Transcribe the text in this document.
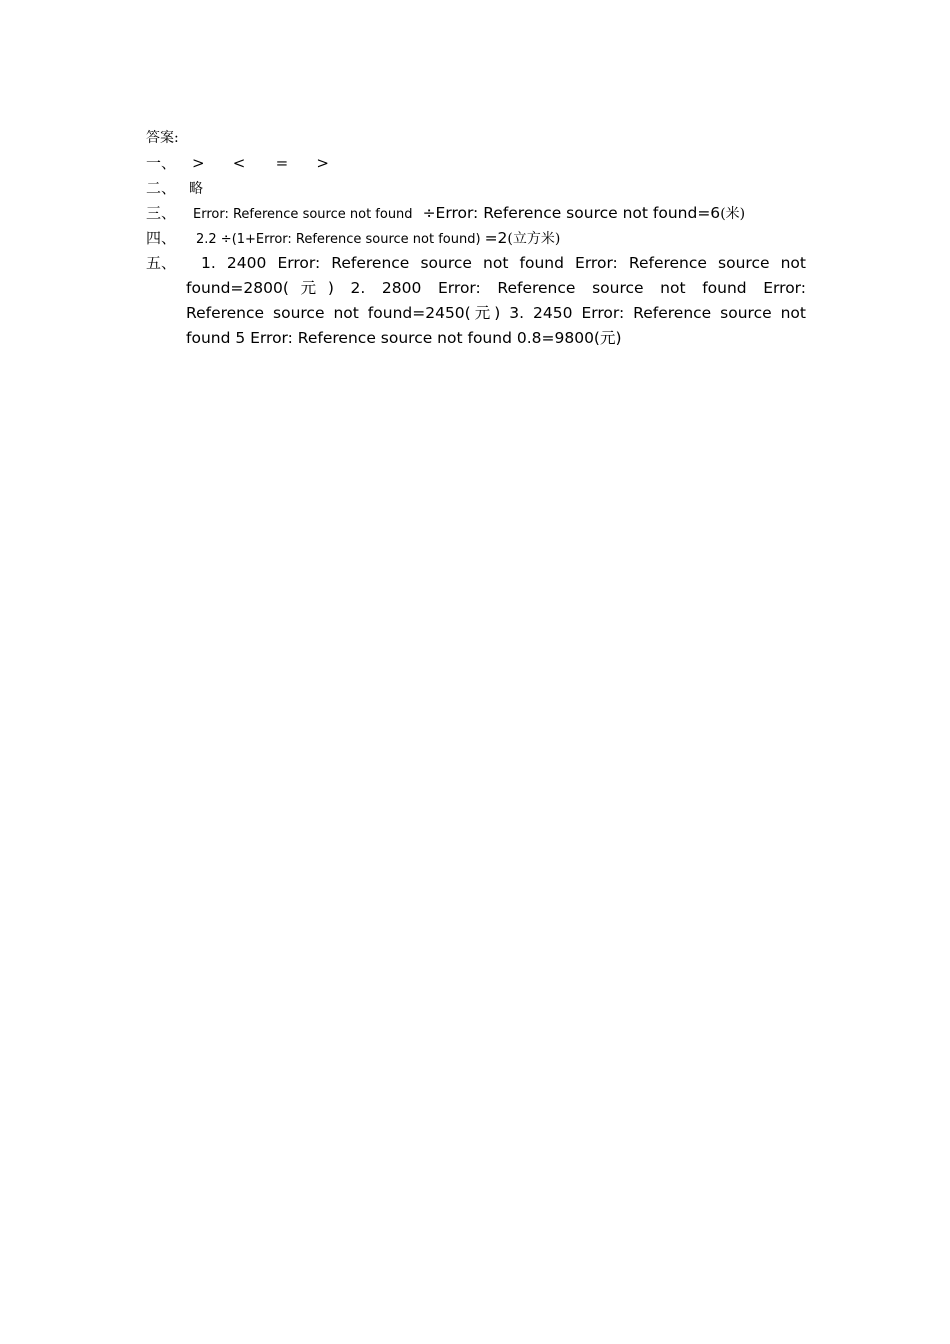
答案:
一、	> < = >
二、 略
三、	Error: Reference source not found ÷Error: Reference source not found=6 (米)
四、	2.2 ÷(1+Error: Reference source not found) =2 (立方米)
五、	1. 2400 Error: Reference source not found Error: Reference source not
found=2800(元) 2. 2800 Error: Reference source not found Error:
Reference source not found=2450(元) 3. 2450 Error: Reference source not
found 5 Error: Reference source not found 0.8=9800(元)
